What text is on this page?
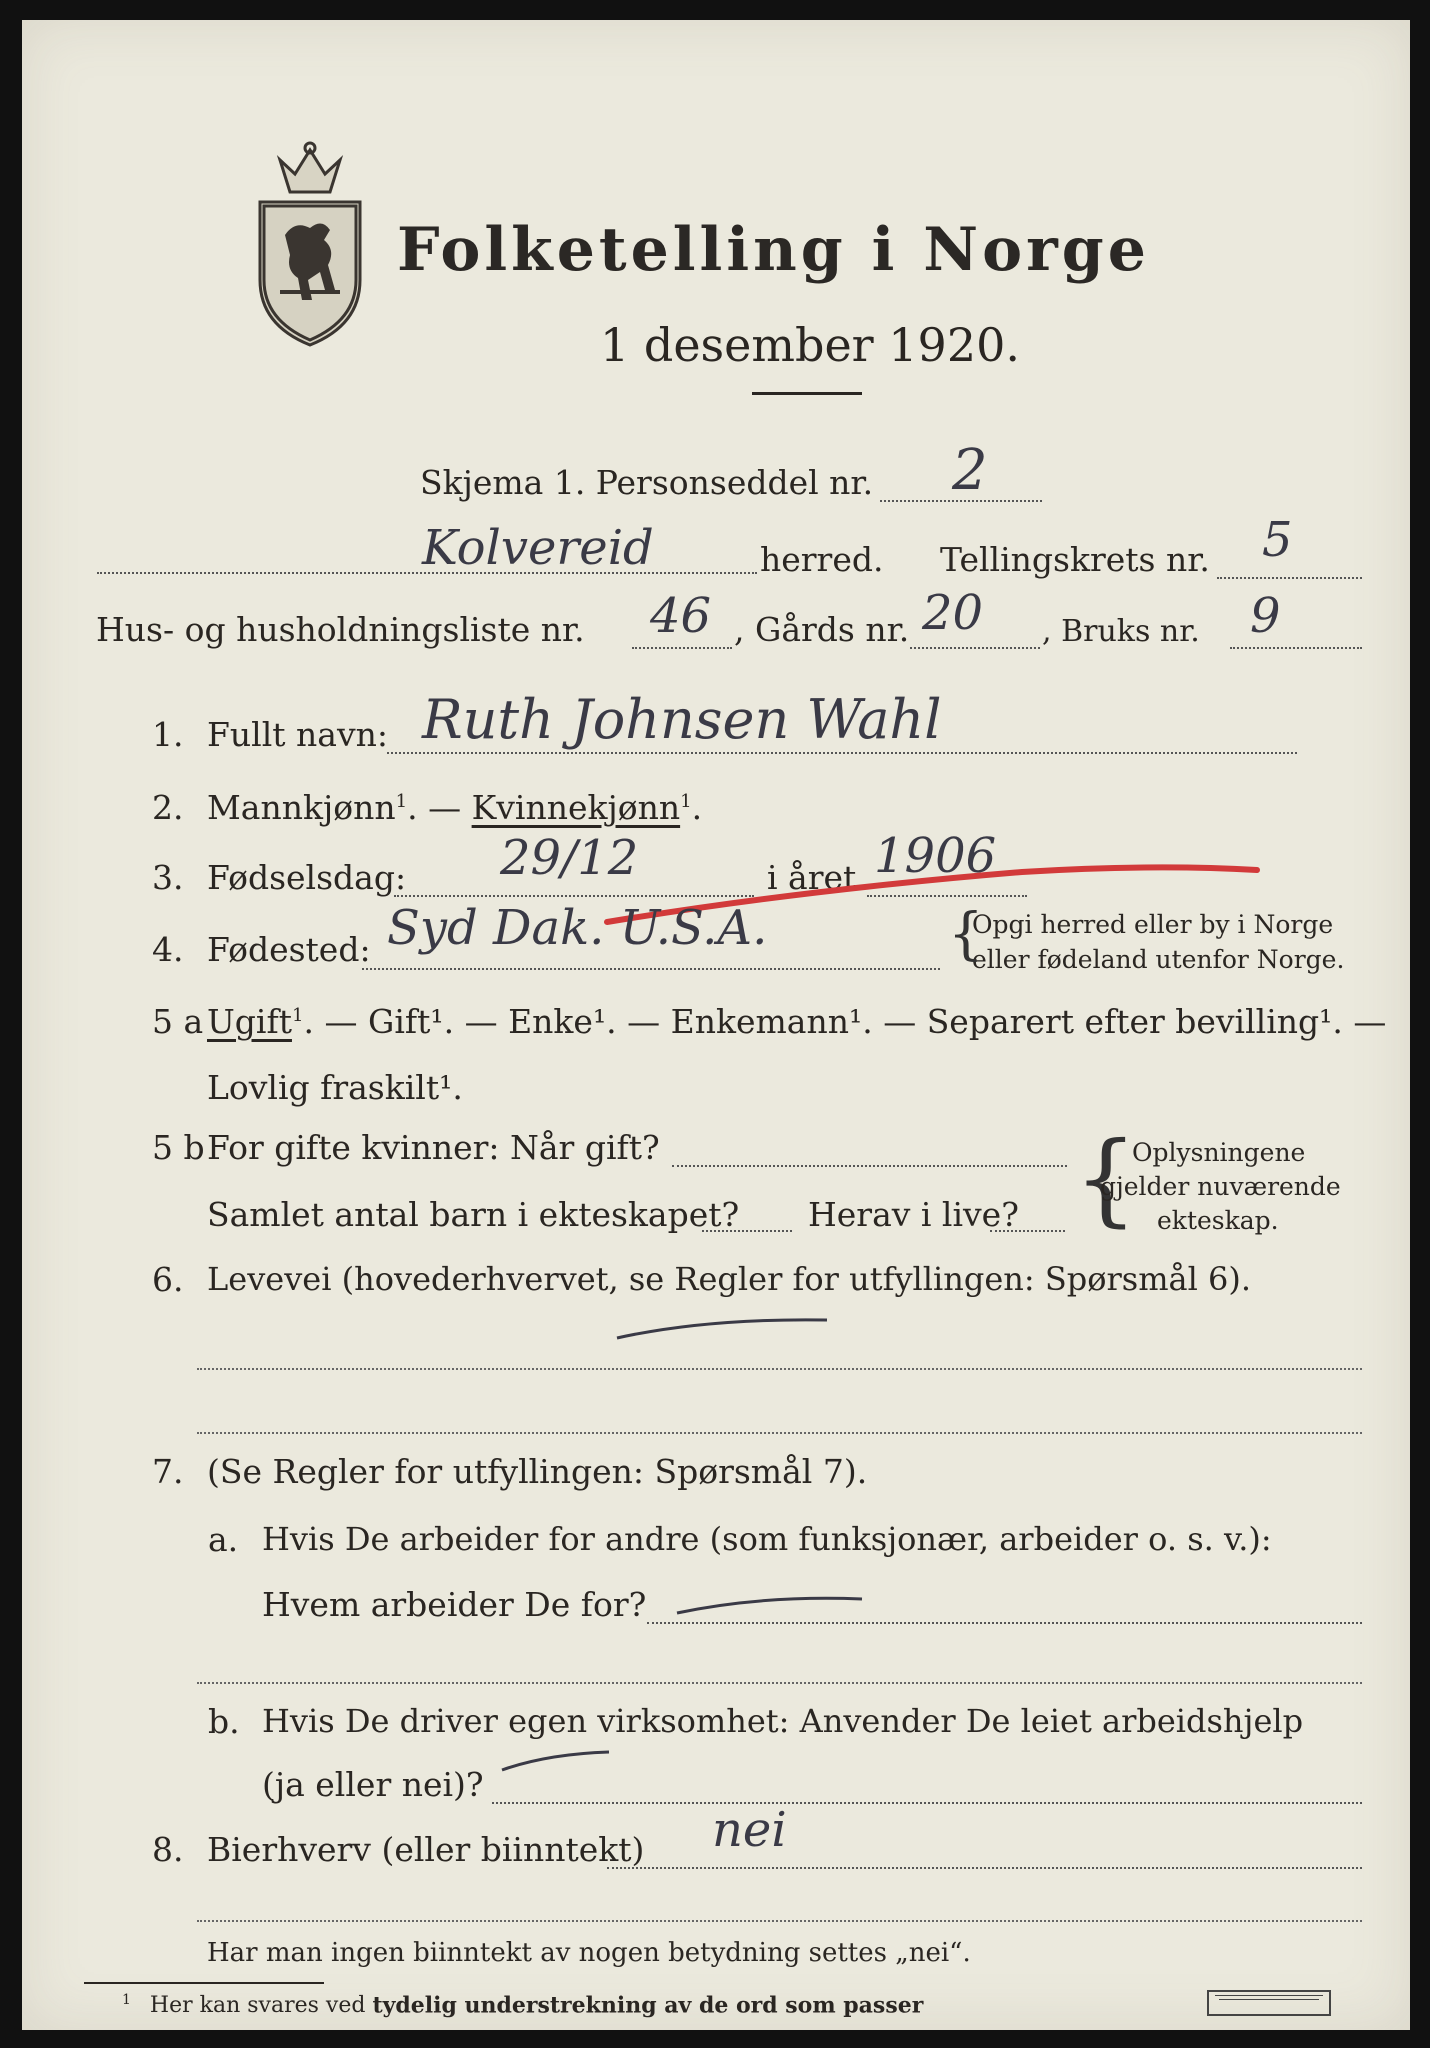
Folketelling i Norge
1 desember 1920.
Skjema 1. Personseddel nr. 2
Kolvereid	herred. Tellingskrets nr. 5
Hus- og husholdningsliste nr. 46 , Gårds nr. 20 , Bruks nr. 9
1. Fullt navn: Ruth Johnsen Wahl
2. Mannkjønn$^1$. — Kvinnekjønn$^1$.
3. Fødselsdag: 29/12	i året 1906
4. Fødested: Syd Dak. U.S.A.	Opgi herred eller by i Norge
eller fødeland utenfor Norge.
{
5 a Ugift$^1$. — Gift¹. — Enke¹. — Enkemann¹. — Separert efter bevilling¹. —
Lovlig fraskilt¹.
5 b For gifte kvinner: Når gift?
Samlet antal barn i ekteskapet? Herav i live? {
Oplysningene
gjelder nuværende
ekteskap.
6. Levevei (hovederhvervet, se Regler for utfyllingen: Spørsmål 6).
7. (Se Regler for utfyllingen: Spørsmål 7).
a. Hvis De arbeider for andre (som funksjonær, arbeider o. s. v.):
Hvem arbeider De for?
b. Hvis De driver egen virksomhet: Anvender De leiet arbeidshjelp
(ja eller nei)?
8. Bierhverv (eller biinntekt) nei
Har man ingen biinntekt av nogen betydning settes „nei“.
$^1$ Her kan svares ved tydelig understrekning av de ord som passer
